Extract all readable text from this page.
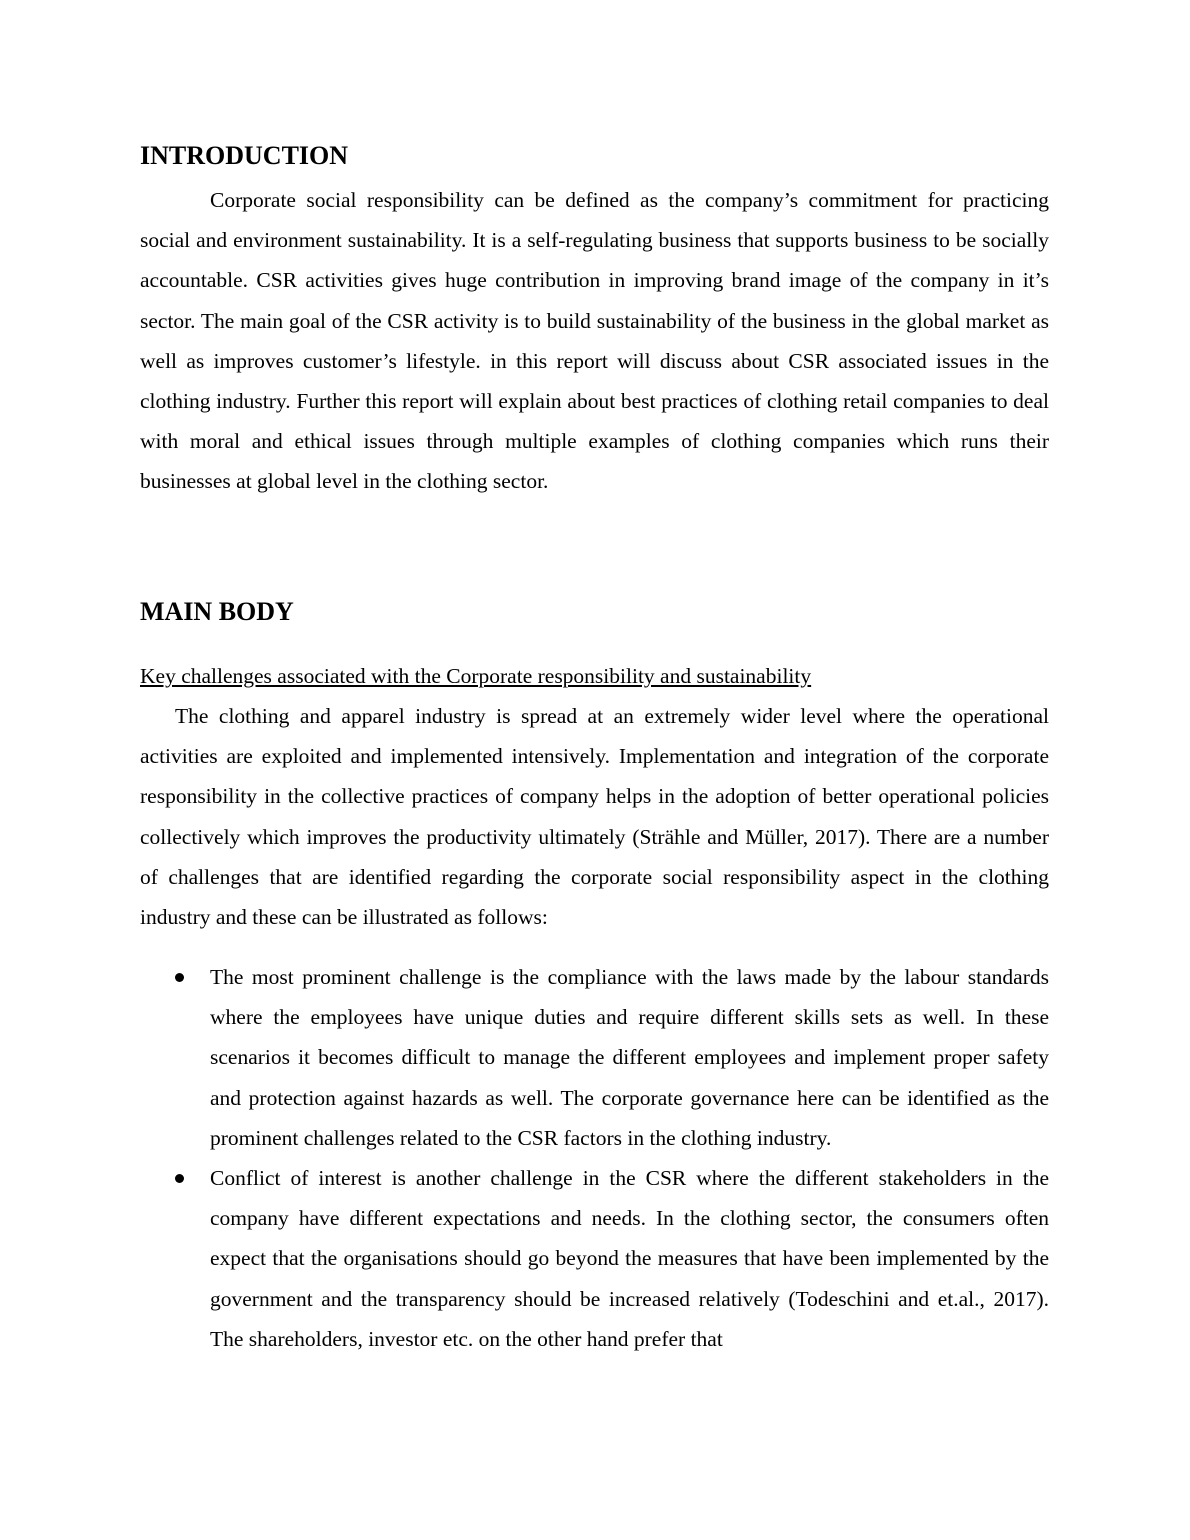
INTRODUCTION

Corporate social responsibility can be defined as the company’s commitment for practicing social and environment sustainability. It is a self-regulating business that supports business to be socially accountable. CSR activities gives huge contribution in improving brand image of the company in it’s sector. The main goal of the CSR activity is to build sustainability of the business in the global market as well as improves customer’s lifestyle. in this report will discuss about CSR associated issues in the clothing industry. Further this report will explain about best practices of clothing retail companies to deal with moral and ethical issues through multiple examples of clothing companies which runs their businesses at global level in the clothing sector.

MAIN BODY
Key challenges associated with the Corporate responsibility and sustainability

The clothing and apparel industry is spread at an extremely wider level where the operational activities are exploited and implemented intensively. Implementation and integration of the corporate responsibility in the collective practices of company helps in the adoption of better operational policies collectively which improves the productivity ultimately (Strähle and Müller, 2017). There are a number of challenges that are identified regarding the corporate social responsibility aspect in the clothing industry and these can be illustrated as follows:

The most prominent challenge is the compliance with the laws made by the labour standards where the employees have unique duties and require different skills sets as well. In these scenarios it becomes difficult to manage the different employees and implement proper safety and protection against hazards as well. The corporate governance here can be identified as the prominent challenges related to the CSR factors in the clothing industry.
Conflict of interest is another challenge in the CSR where the different stakeholders in the company have different expectations and needs. In the clothing sector, the consumers often expect that the organisations should go beyond the measures that have been implemented by the government and the transparency should be increased relatively (Todeschini and et.al., 2017). The shareholders, investor etc. on the other hand prefer that
